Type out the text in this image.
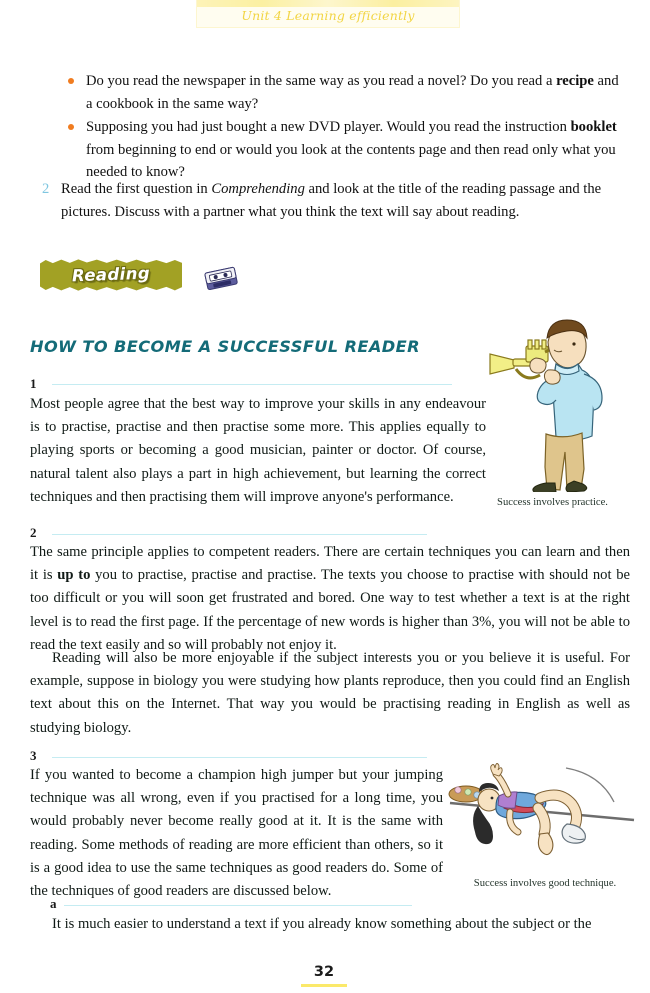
Unit 4 Learning efficiently
Do you read the newspaper in the same way as you read a novel? Do you read a recipe and a cookbook in the same way?
Supposing you had just bought a new DVD player. Would you read the instruction booklet from beginning to end or would you look at the contents page and then read only what you needed to know?
2 Read the first question in Comprehending and look at the title of the reading passage and the pictures. Discuss with a partner what you think the text will say about reading.
Reading
HOW TO BECOME A SUCCESSFUL READER
1
Most people agree that the best way to improve your skills in any endeavour is to practise, practise and then practise some more. This applies equally to playing sports or becoming a good musician, painter or doctor. Of course, natural talent also plays a part in high achievement, but learning the correct techniques and then practising them will improve anyone's performance.	Success involves practice.
2
The same principle applies to competent readers. There are certain techniques you can learn and then it is up to you to practise, practise and practise. The texts you choose to practise with should not be too difficult or you will soon get frustrated and bored. One way to test whether a text is at the right level is to read the first page. If the percentage of new words is higher than 3%, you will not be able to read the text easily and so will probably not enjoy it.
Reading will also be more enjoyable if the subject interests you or you believe it is useful. For example, suppose in biology you were studying how plants reproduce, then you could find an English text about this on the Internet. That way you would be practising reading in English as well as studying biology.
3
If you wanted to become a champion high jumper but your jumping technique was all wrong, even if you practised for a long time, you would probably never become really good at it. It is the same with reading. Some methods of reading are more efficient than others, so it is a good idea to use the same techniques as good readers do. Some of the techniques of good readers are discussed below.	Success involves good technique.
a
It is much easier to understand a text if you already know something about the subject or the
32
